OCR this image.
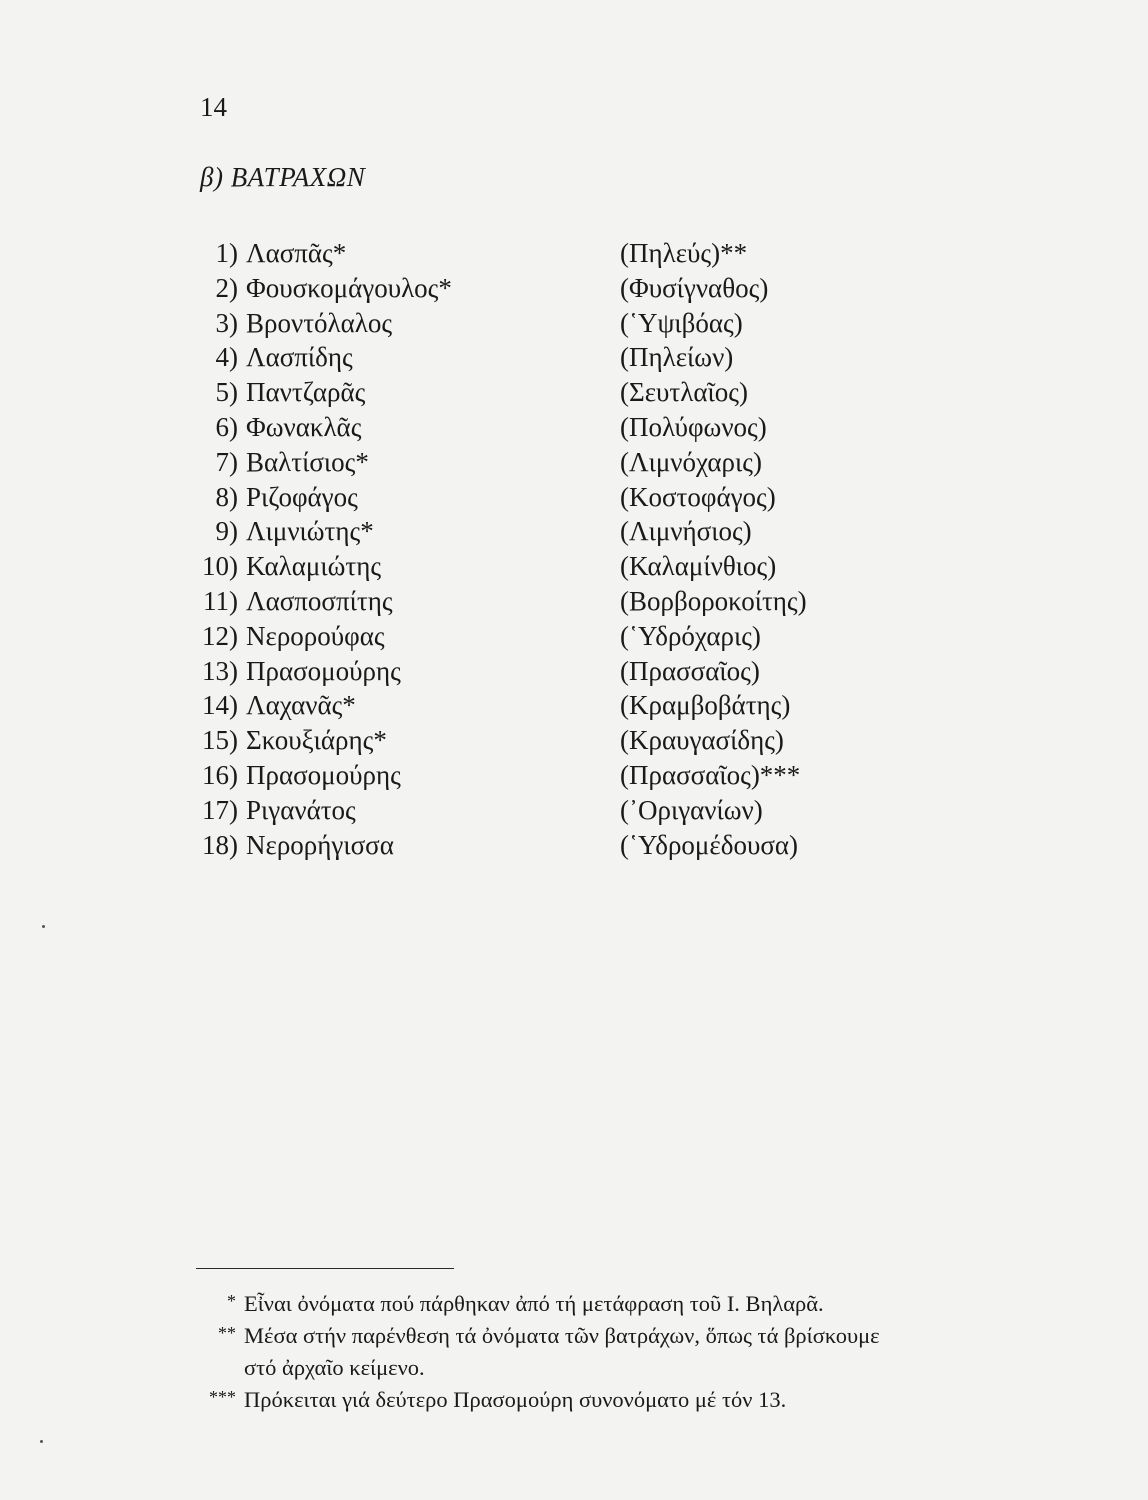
14
β) ΒΑΤΡΑΧΩΝ
1) Λασπᾶς*	(Πηλεύς)**
2) Φουσκομάγουλος*	(Φυσίγναθος)
3) Βροντόλαλος	(῾Υψιβόας)
4) Λασπίδης	(Πηλείων)
5) Παντζαρᾶς	(Σευτλαῖος)
6) Φωνακλᾶς	(Πολύφωνος)
7) Βαλτίσιος*	(Λιμνόχαρις)
8) Ριζοφάγος	(Κοστοφάγος)
9) Λιμνιώτης*	(Λιμνήσιος)
10) Καλαμιώτης	(Καλαμίνθιος)
11) Λασποσπίτης	(Βορβοροκοίτης)
12) Νερορούφας	(῾Υδρόχαρις)
13) Πρασομούρης	(Πρασσαῖος)
14) Λαχανᾶς*	(Κραμβοβάτης)
15) Σκουξιάρης*	(Κραυγασίδης)
16) Πρασομούρης	(Πρασσαῖος)***
17) Ριγανάτος	(᾿Οριγανίων)
18) Νερορήγισσα	(῾Υδρομέδουσα)
* Εἶναι ὀνόματα πού πάρθηκαν ἀπό τή μετάφραση τοῦ Ι. Βηλαρᾶ.
** Μέσα στήν παρένθεση τά ὀνόματα τῶν βατράχων, ὅπως τά βρίσκουμε
στό ἀρχαῖο κείμενο.
*** Πρόκειται γιά δεύτερο Πρασομούρη συνονόματο μέ τόν 13.
